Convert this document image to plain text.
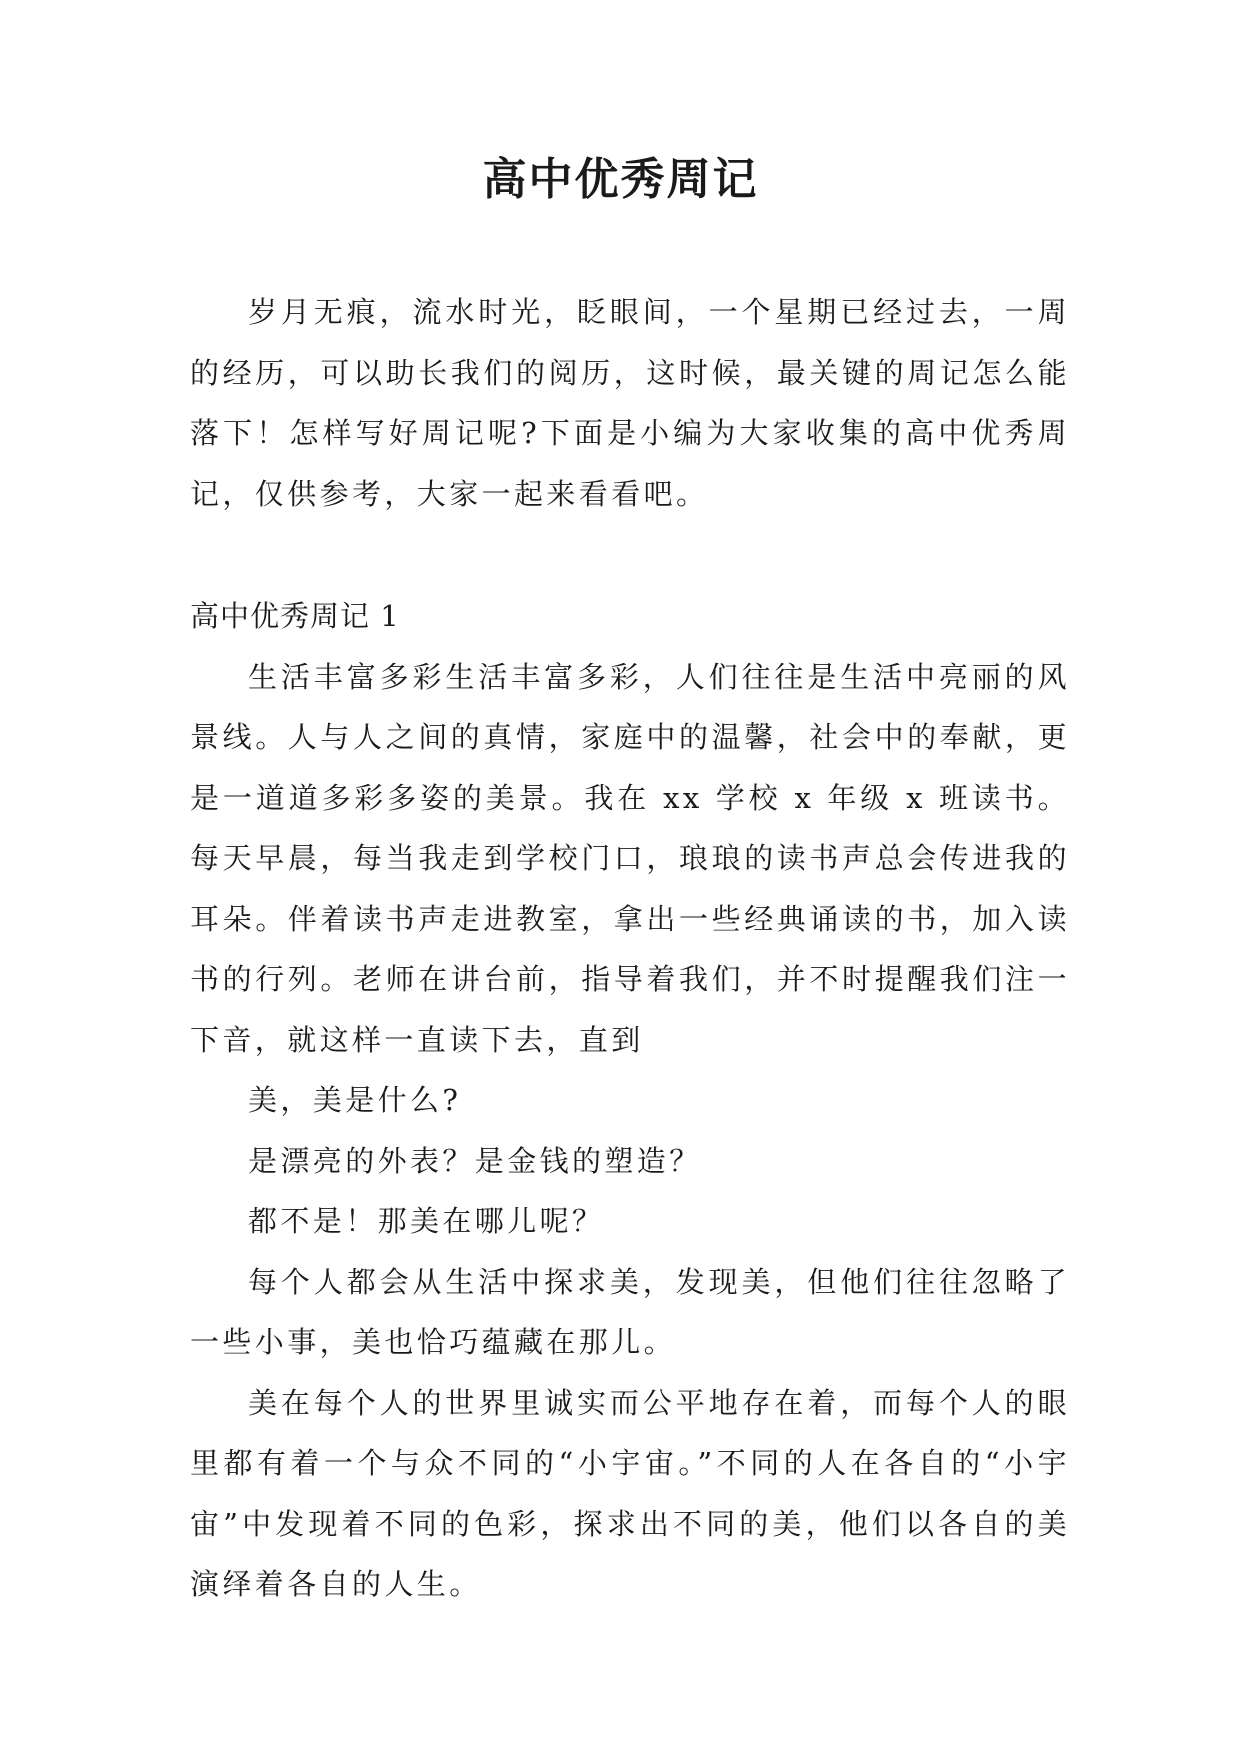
高中优秀周记

岁月无痕，流水时光，眨眼间，一个星期已经过去，一周的经历，可以助长我们的阅历，这时候，最关键的周记怎么能落下！怎样写好周记呢?下面是小编为大家收集的高中优秀周记，仅供参考，大家一起来看看吧。

高中优秀周记 1

生活丰富多彩生活丰富多彩，人们往往是生活中亮丽的风景线。人与人之间的真情，家庭中的温馨，社会中的奉献，更是一道道多彩多姿的美景。我在 xx 学校 x 年级 x 班读书。每天早晨，每当我走到学校门口，琅琅的读书声总会传进我的耳朵。伴着读书声走进教室，拿出一些经典诵读的书，加入读书的行列。老师在讲台前，指导着我们，并不时提醒我们注一下音，就这样一直读下去，直到

美，美是什么?

是漂亮的外表？是金钱的塑造？

都不是！那美在哪儿呢？

每个人都会从生活中探求美，发现美，但他们往往忽略了一些小事，美也恰巧蕴藏在那儿。

美在每个人的世界里诚实而公平地存在着，而每个人的眼里都有着一个与众不同的“小宇宙。”不同的人在各自的“小宇宙”中发现着不同的色彩，探求出不同的美，他们以各自的美演绎着各自的人生。
